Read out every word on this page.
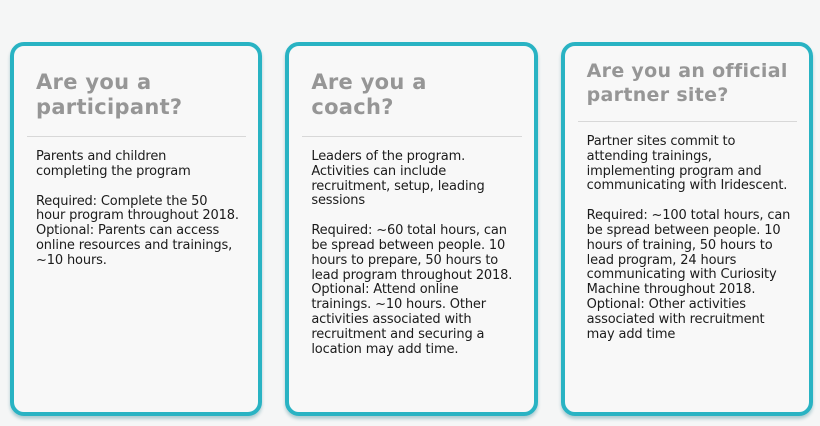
Are you a participant?

Parents and children completing the program

Required: Complete the 50 hour program throughout 2018. Optional: Parents can access online resources and trainings, ~10 hours.

Are you a coach?

Leaders of the program. Activities can include recruitment, setup, leading sessions

Required: ~60 total hours, can be spread between people. 10 hours to prepare, 50 hours to lead program throughout 2018. Optional: Attend online trainings. ~10 hours. Other activities associated with recruitment and securing a location may add time.

Are you an official partner site?

Partner sites commit to attending trainings, implementing program and communicating with Iridescent.

Required: ~100 total hours, can be spread between people. 10 hours of training, 50 hours to lead program, 24 hours communicating with Curiosity Machine throughout 2018. Optional: Other activities associated with recruitment may add time
